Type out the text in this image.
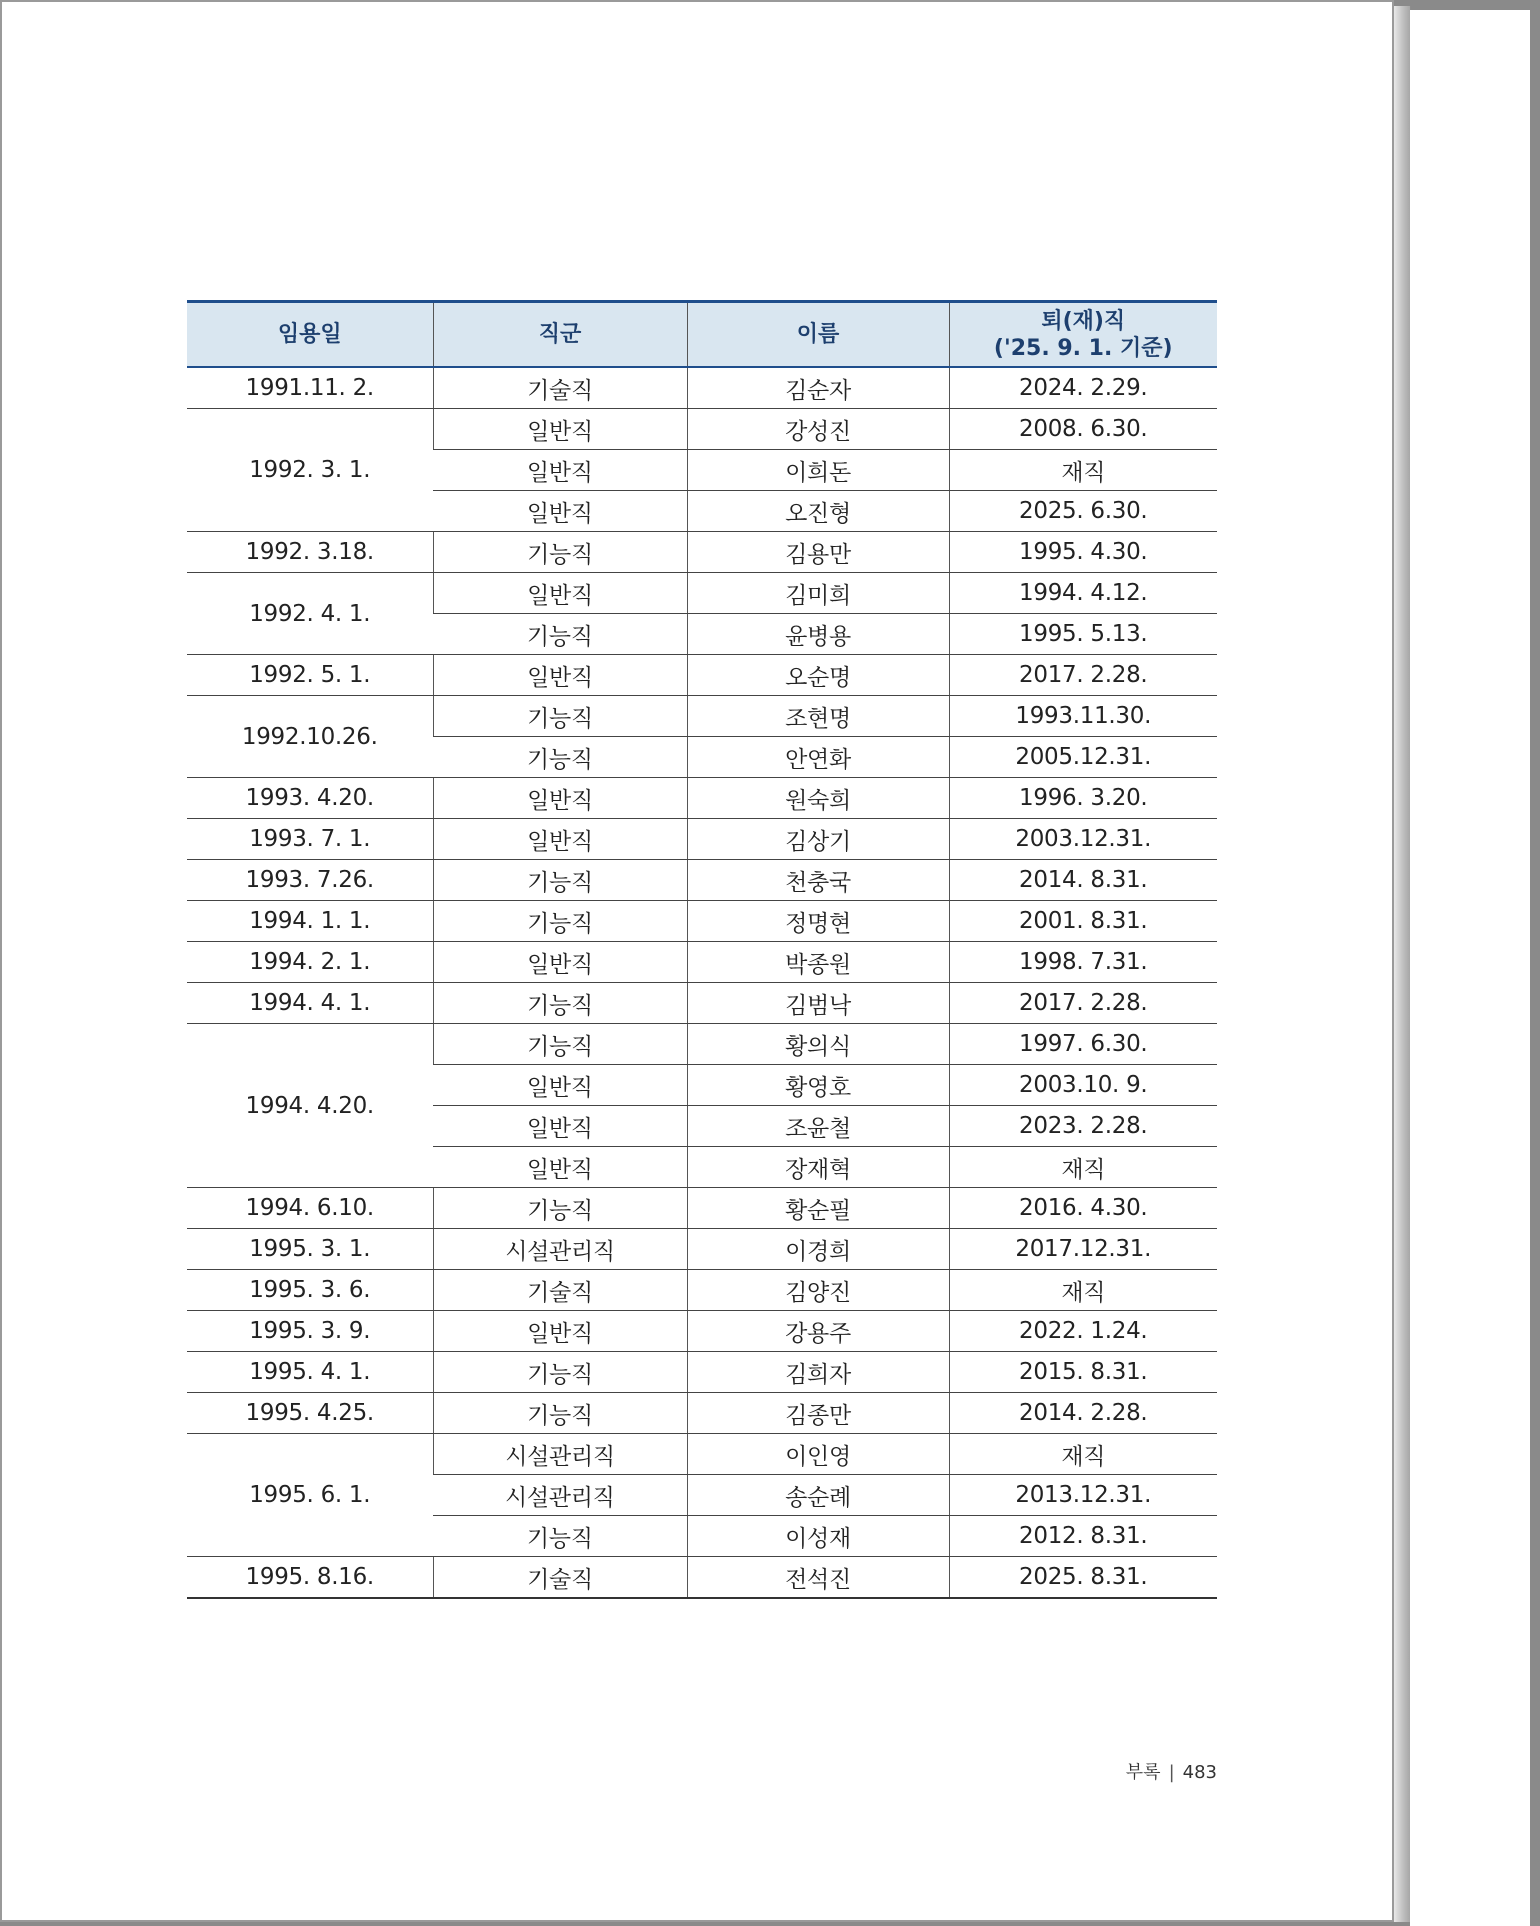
임용일	직군	이름	퇴(재)직
('25. 9. 1. 기준)
1991.11. 2.	기술직	김순자	2024. 2.29.
1992. 3. 1.	일반직	강성진	2008. 6.30.
	일반직	이희돈	재직
	일반직	오진형	2025. 6.30.
1992. 3.18.	기능직	김용만	1995. 4.30.
1992. 4. 1.	일반직	김미희	1994. 4.12.
	기능직	윤병용	1995. 5.13.
1992. 5. 1.	일반직	오순명	2017. 2.28.
1992.10.26.	기능직	조현명	1993.11.30.
	기능직	안연화	2005.12.31.
1993. 4.20.	일반직	원숙희	1996. 3.20.
1993. 7. 1.	일반직	김상기	2003.12.31.
1993. 7.26.	기능직	천충국	2014. 8.31.
1994. 1. 1.	기능직	정명현	2001. 8.31.
1994. 2. 1.	일반직	박종원	1998. 7.31.
1994. 4. 1.	기능직	김범낙	2017. 2.28.
1994. 4.20.	기능직	황의식	1997. 6.30.
	일반직	황영호	2003.10. 9.
	일반직	조윤철	2023. 2.28.
	일반직	장재혁	재직
1994. 6.10.	기능직	황순필	2016. 4.30.
1995. 3. 1.	시설관리직	이경희	2017.12.31.
1995. 3. 6.	기술직	김양진	재직
1995. 3. 9.	일반직	강용주	2022. 1.24.
1995. 4. 1.	기능직	김희자	2015. 8.31.
1995. 4.25.	기능직	김종만	2014. 2.28.
1995. 6. 1.	시설관리직	이인영	재직
	시설관리직	송순례	2013.12.31.
	기능직	이성재	2012. 8.31.
1995. 8.16.	기술직	전석진	2025. 8.31.
부록 | 483
